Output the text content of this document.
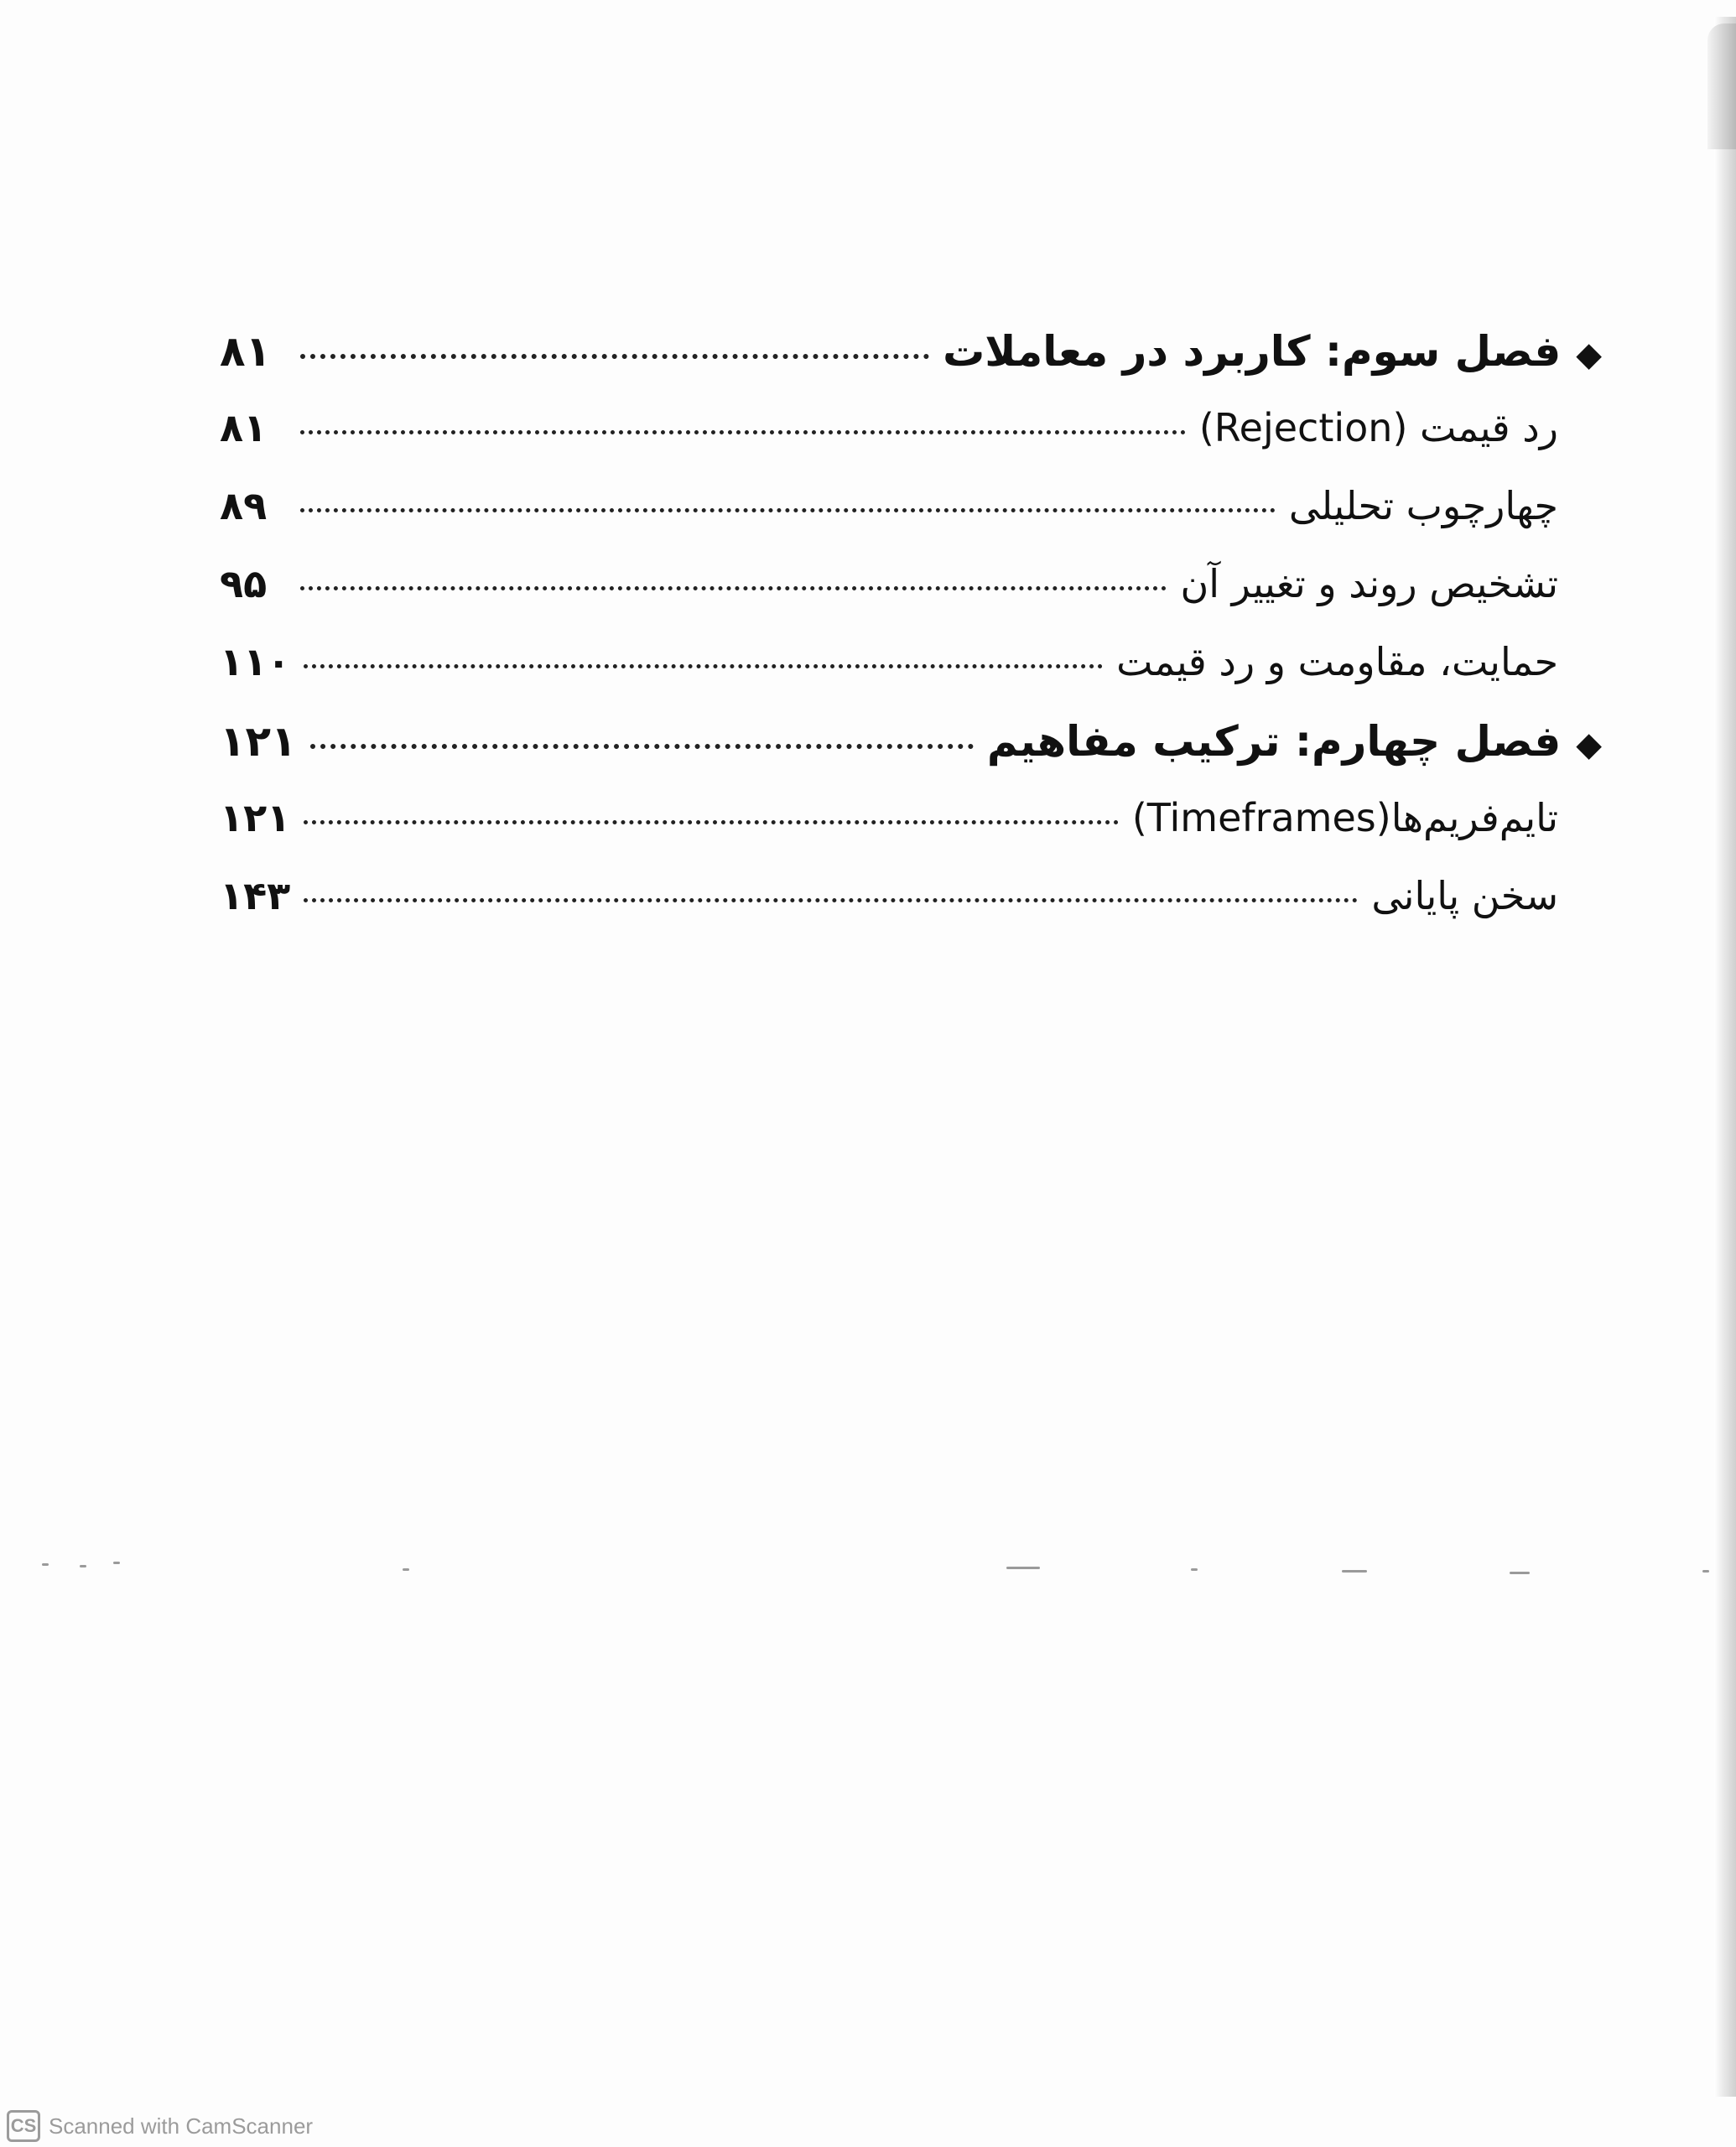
◆
فصل سوم: کاربرد در معاملات
۸۱
رد قیمت (Rejection)
۸۱
چهارچوب تحلیلی
۸۹
تشخیص روند و تغییر آن
۹۵
حمایت، مقاومت و رد قیمت
۱۱۰
◆
فصل چهارم: ترکیب مفاهیم
۱۲۱
تایم‌فریم‌ها(Timeframes)
۱۲۱
سخن پایانی
۱۴۳
CS Scanned with CamScanner
